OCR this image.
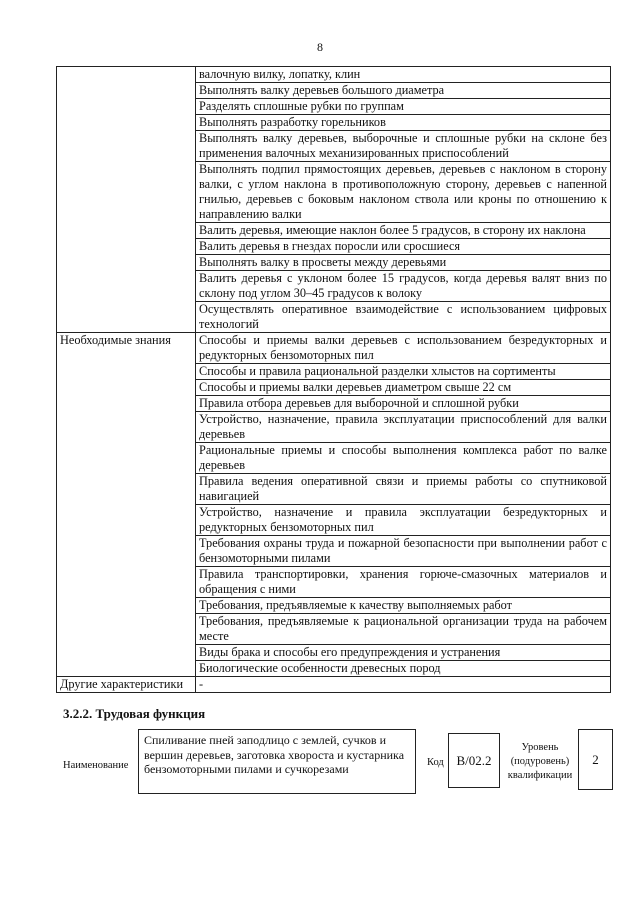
8
	валочную вилку, лопатку, клин
	Выполнять валку деревьев большого диаметра
	Разделять сплошные рубки по группам
	Выполнять разработку горельников
	Выполнять валку деревьев, выборочные и сплошные рубки на склоне без применения валочных механизированных приспособлений
	Выполнять подпил прямостоящих деревьев, деревьев с наклоном в сторону валки, с углом наклона в противоположную сторону, деревьев с напенной гнилью, деревьев с боковым наклоном ствола или кроны по отношению к направлению валки
	Валить деревья, имеющие наклон более 5 градусов, в сторону их наклона
	Валить деревья в гнездах поросли или сросшиеся
	Выполнять валку в просветы между деревьями
	Валить деревья с уклоном более 15 градусов, когда деревья валят вниз по склону под углом 30–45 градусов к волоку
	Осуществлять оперативное взаимодействие с использованием цифровых технологий
Необходимые знания	Способы и приемы валки деревьев с использованием безредукторных и редукторных бензомоторных пил
	Способы и правила рациональной разделки хлыстов на сортименты
	Способы и приемы валки деревьев диаметром свыше 22 см
	Правила отбора деревьев для выборочной и сплошной рубки
	Устройство, назначение, правила эксплуатации приспособлений для валки деревьев
	Рациональные приемы и способы выполнения комплекса работ по валке деревьев
	Правила ведения оперативной связи и приемы работы со спутниковой навигацией
	Устройство, назначение и правила эксплуатации безредукторных и редукторных бензомоторных пил
	Требования охраны труда и пожарной безопасности при выполнении работ с бензомоторными пилами
	Правила транспортировки, хранения горюче-смазочных материалов и обращения с ними
	Требования, предъявляемые к качеству выполняемых работ
	Требования, предъявляемые к рациональной организации труда на рабочем месте
	Виды брака и способы его предупреждения и устранения
	Биологические особенности древесных пород
Другие характеристики	-
3.2.2. Трудовая функция
Наименование
Спиливание пней заподлицо с землей, сучков и вершин деревьев, заготовка хвороста и кустарника бензомоторными пилами и сучкорезами	Код B/02.2
Уровень (подуровень) квалификации
2
